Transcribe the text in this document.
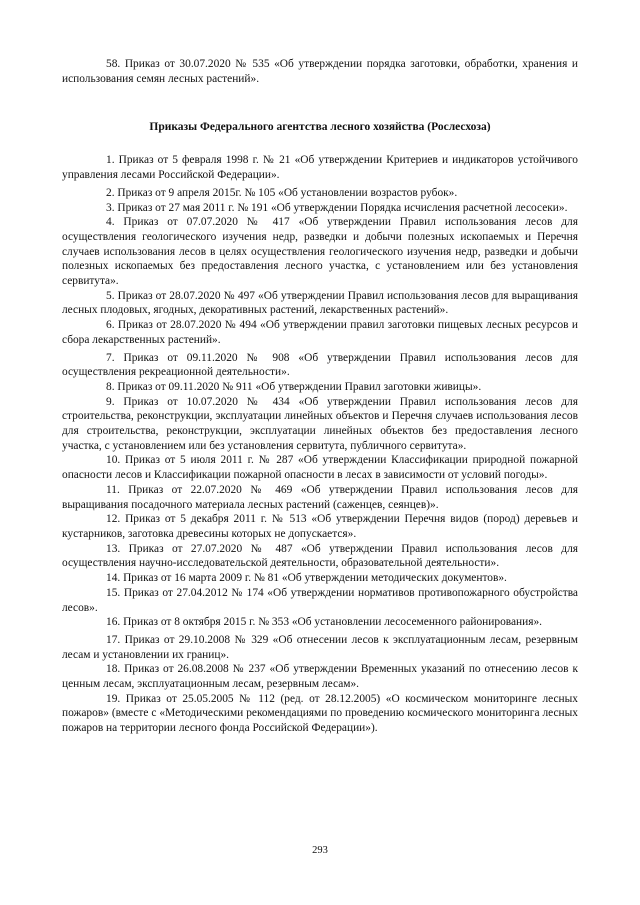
58. Приказ от 30.07.2020 № 535 «Об утверждении порядка заготовки, обработки, хранения и использования семян лесных растений».

Приказы Федерального агентства лесного хозяйства (Рослесхоза)

1. Приказ от 5 февраля 1998 г. № 21 «Об утверждении Критериев и индикаторов устойчивого управления лесами Российской Федерации».

2. Приказ от 9 апреля 2015г. № 105 «Об установлении возрастов рубок».

3. Приказ от 27 мая 2011 г. № 191 «Об утверждении Порядка исчисления расчетной лесосеки».

4. Приказ от 07.07.2020 № 417 «Об утверждении Правил использования лесов для осуществления геологического изучения недр, разведки и добычи полезных ископаемых и Перечня случаев использования лесов в целях осуществления геологического изучения недр, разведки и добычи полезных ископаемых без предоставления лесного участка, с установлением или без установления сервитута».

5. Приказ от 28.07.2020 № 497 «Об утверждении Правил использования лесов для выращивания лесных плодовых, ягодных, декоративных растений, лекарственных растений».

6. Приказ от 28.07.2020 № 494 «Об утверждении правил заготовки пищевых лесных ресурсов и сбора лекарственных растений».

7. Приказ от 09.11.2020 № 908 «Об утверждении Правил использования лесов для осуществления рекреационной деятельности».

8. Приказ от 09.11.2020 № 911 «Об утверждении Правил заготовки живицы».

9. Приказ от 10.07.2020 № 434 «Об утверждении Правил использования лесов для строительства, реконструкции, эксплуатации линейных объектов и Перечня случаев использования лесов для строительства, реконструкции, эксплуатации линейных объектов без предоставления лесного участка, с установлением или без установления сервитута, публичного сервитута».

10. Приказ от 5 июля 2011 г. № 287 «Об утверждении Классификации природной пожарной опасности лесов и Классификации пожарной опасности в лесах в зависимости от условий погоды».

11. Приказ от 22.07.2020 № 469 «Об утверждении Правил использования лесов для выращивания посадочного материала лесных растений (саженцев, сеянцев)».

12. Приказ от 5 декабря 2011 г. № 513 «Об утверждении Перечня видов (пород) деревьев и кустарников, заготовка древесины которых не допускается».

13. Приказ от 27.07.2020 № 487 «Об утверждении Правил использования лесов для осуществления научно-исследовательской деятельности, образовательной деятельности».

14. Приказ от 16 марта 2009 г. № 81 «Об утверждении методических документов».

15. Приказ от 27.04.2012 № 174 «Об утверждении нормативов противопожарного обустройства лесов».

16. Приказ от 8 октября 2015 г. № 353 «Об установлении лесосеменного районирования».

17. Приказ от 29.10.2008 № 329 «Об отнесении лесов к эксплуатационным лесам, резервным лесам и установлении их границ».

18. Приказ от 26.08.2008 № 237 «Об утверждении Временных указаний по отнесению лесов к ценным лесам, эксплуатационным лесам, резервным лесам».

19. Приказ от 25.05.2005 № 112 (ред. от 28.12.2005) «О космическом мониторинге лесных пожаров» (вместе с «Методическими рекомендациями по проведению космического мониторинга лесных пожаров на территории лесного фонда Российской Федерации»).

293
